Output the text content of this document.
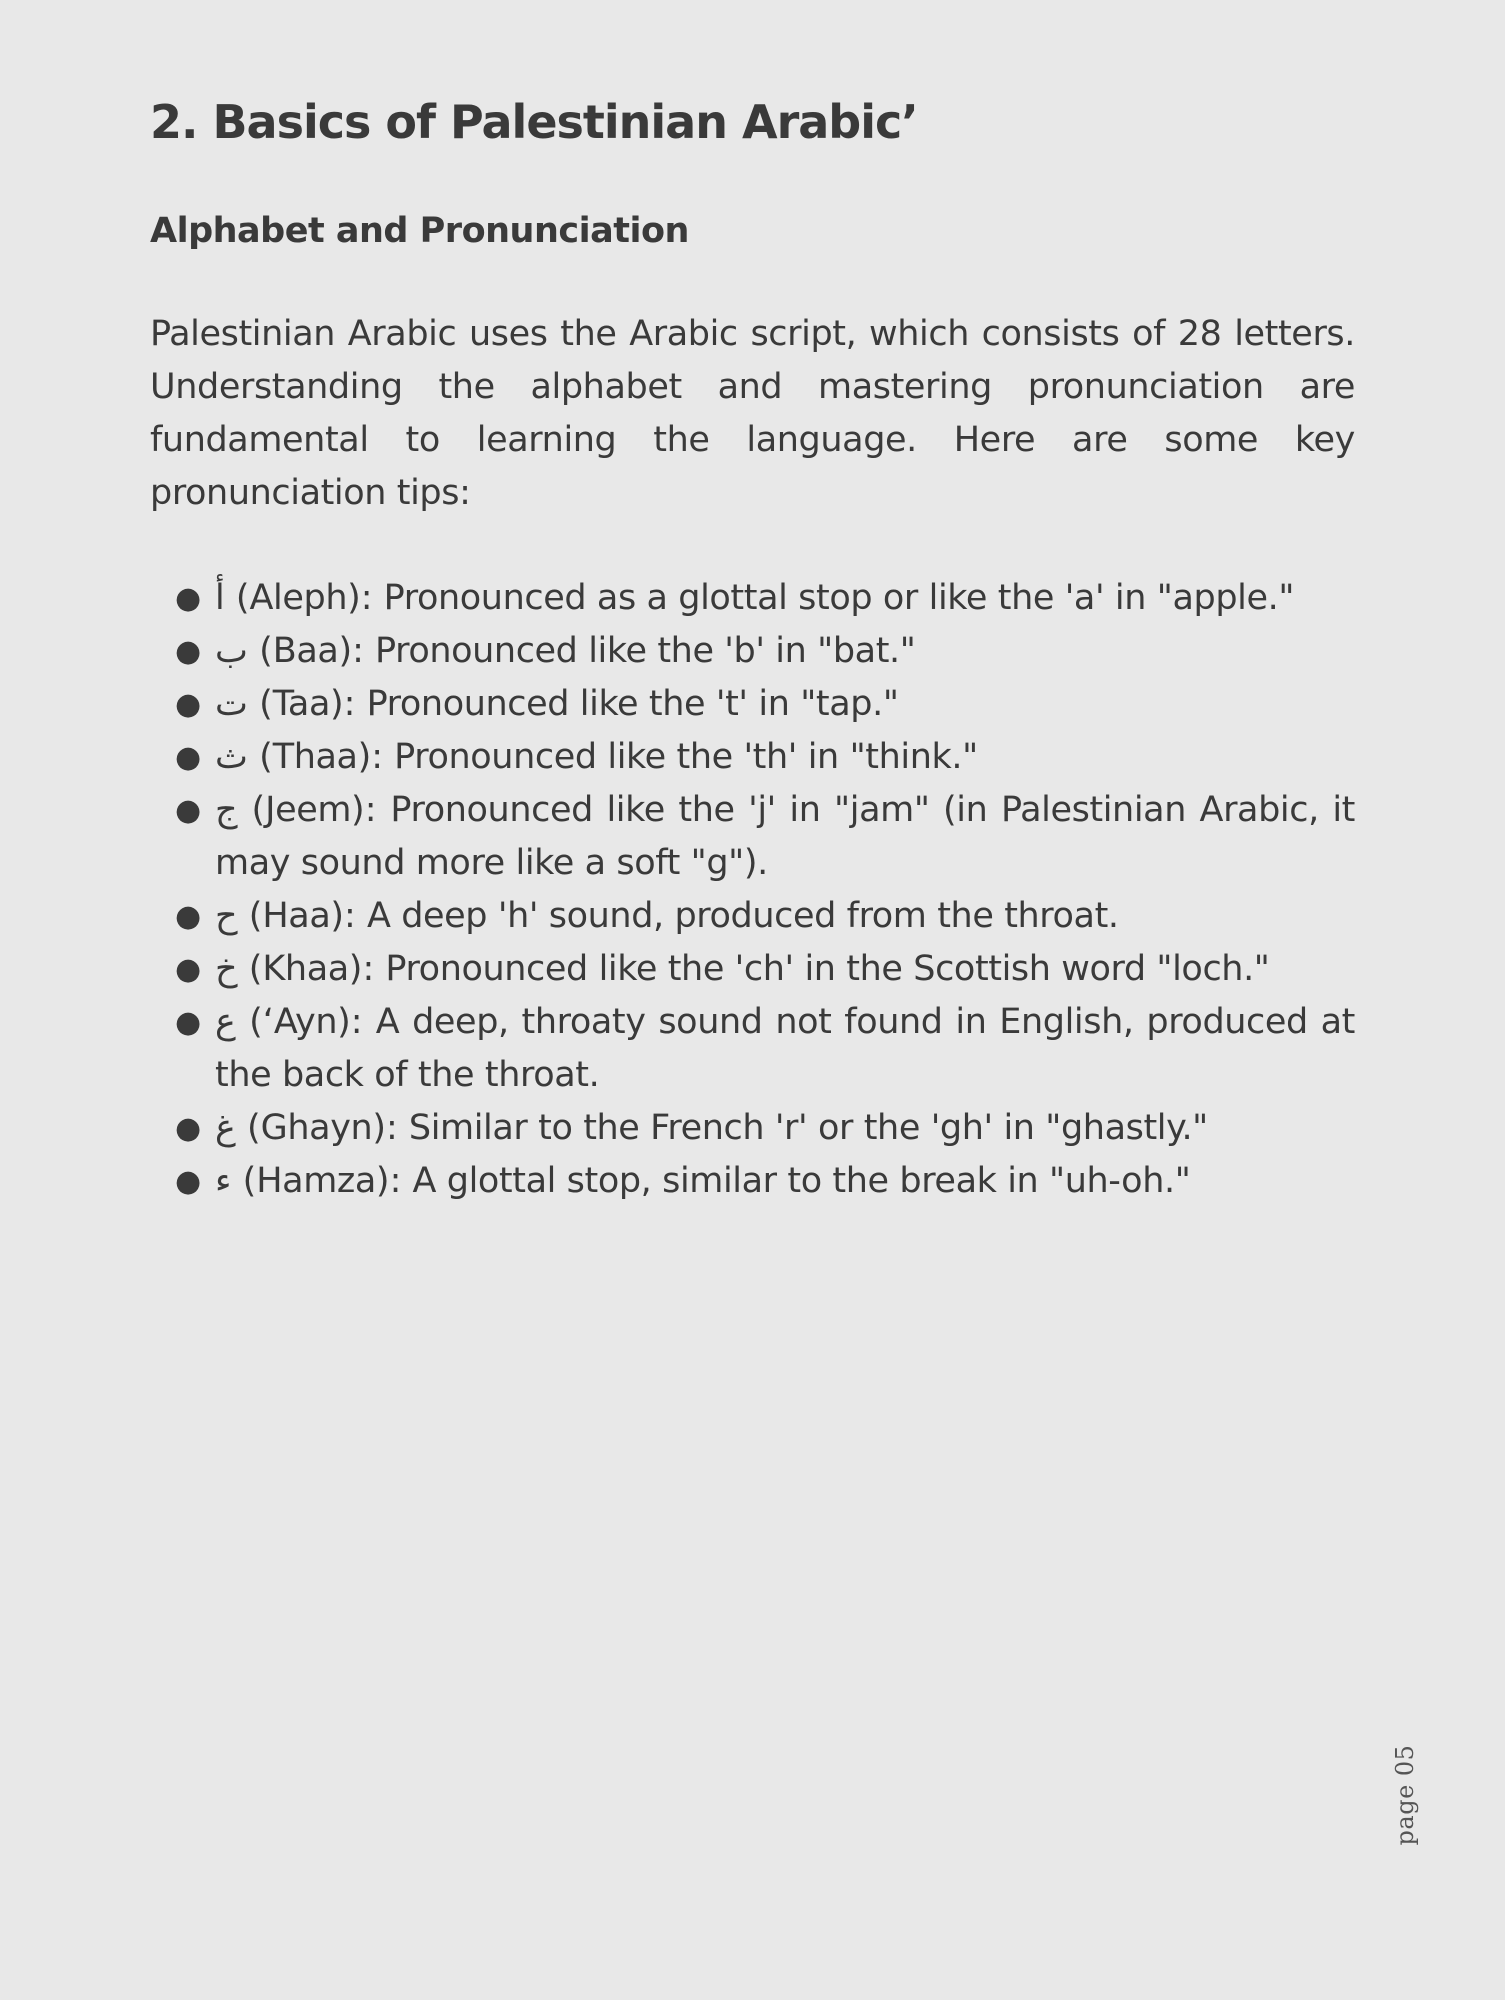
2. Basics of Palestinian Arabic’
Alphabet and Pronunciation

Palestinian Arabic uses the Arabic script, which consists of 28 letters. Understanding the alphabet and mastering pronunciation are fundamental to learning the language. Here are some key pronunciation tips:

● أ (Aleph): Pronounced as a glottal stop or like the 'a' in "apple."
● ب (Baa): Pronounced like the 'b' in "bat."
● ت (Taa): Pronounced like the 't' in "tap."
● ث (Thaa): Pronounced like the 'th' in "think."
● ج (Jeem): Pronounced like the 'j' in "jam" (in Palestinian Arabic, it may sound more like a soft "g").
● ح (Haa): A deep 'h' sound, produced from the throat.
● خ (Khaa): Pronounced like the 'ch' in the Scottish word "loch."
● ع (‘Ayn): A deep, throaty sound not found in English, produced at the back of the throat.
● غ (Ghayn): Similar to the French 'r' or the 'gh' in "ghastly."
● ء (Hamza): A glottal stop, similar to the break in "uh-oh."
page 05
